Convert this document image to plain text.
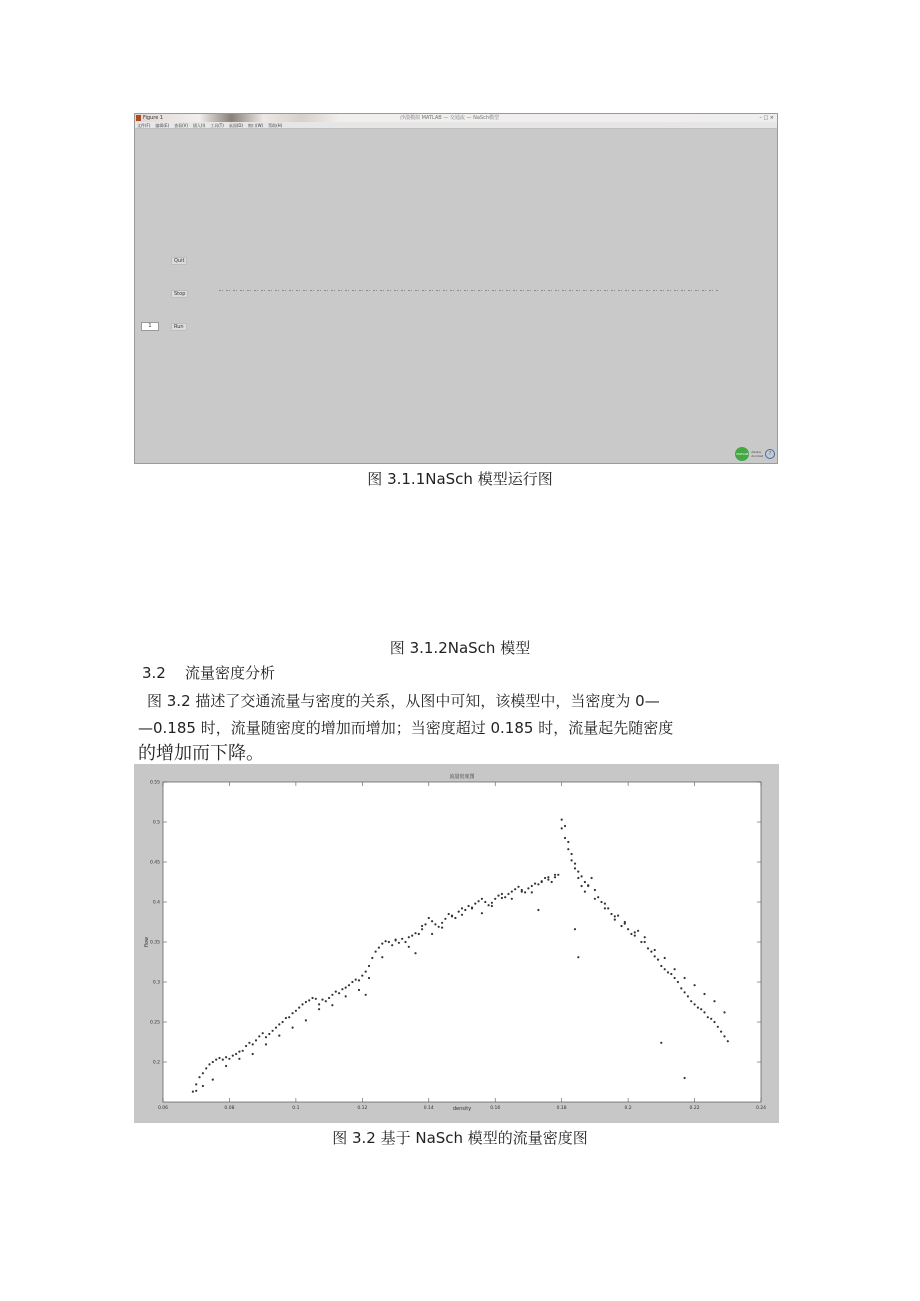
Figure 1	沙漠模拟 MATLAB — 交通流 — NaSch模型	– □ ×
文件(F) 编辑(E) 查看(V) 插入(I) 工具(T) 桌面(D) 窗口(W) 帮助(H)
Quit
Stop
1	Run
MATLAB Adobe
Acrobat	?
图 3.1.1NaSch 模型运行图
图 3.1.2NaSch 模型
3.2 流量密度分析

图 3.2 描述了交通流量与密度的关系，从图中可知，该模型中，当密度为 0—
—0.185 时，流量随密度的增加而增加；当密度超过 0.185 时，流量起先随密度
的增加而下降。

流量密度图
density
flow
0.06	0.08	0.1	0.12	0.14	0.16	0.18	0.2	0.22	0.24
0.2
0.25
0.3
0.35
0.4
0.45
0.5
0.55
图 3.2 基于 NaSch 模型的流量密度图
